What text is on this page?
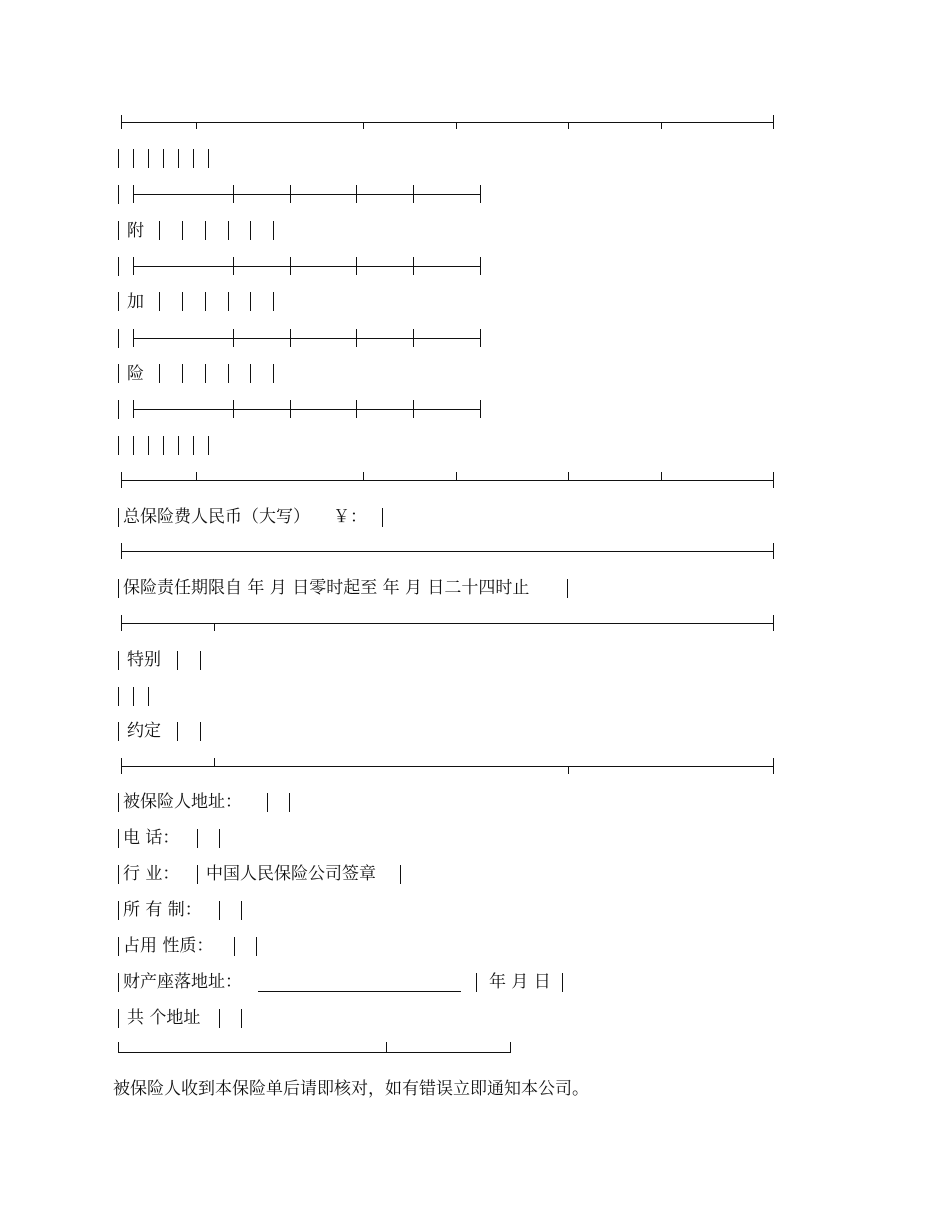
附
加
险
总保险费人民币（大写） ￥：
保险责任期限自 年 月 日零时起至 年 月 日二十四时止
特别
约定
被保险人地址：
电 话：
行 业： 中国人民保险公司签章
所 有 制：
占用 性质：
财产座落地址：	年 月 日
共 个地址
被保险人收到本保险单后请即核对，如有错误立即通知本公司。
